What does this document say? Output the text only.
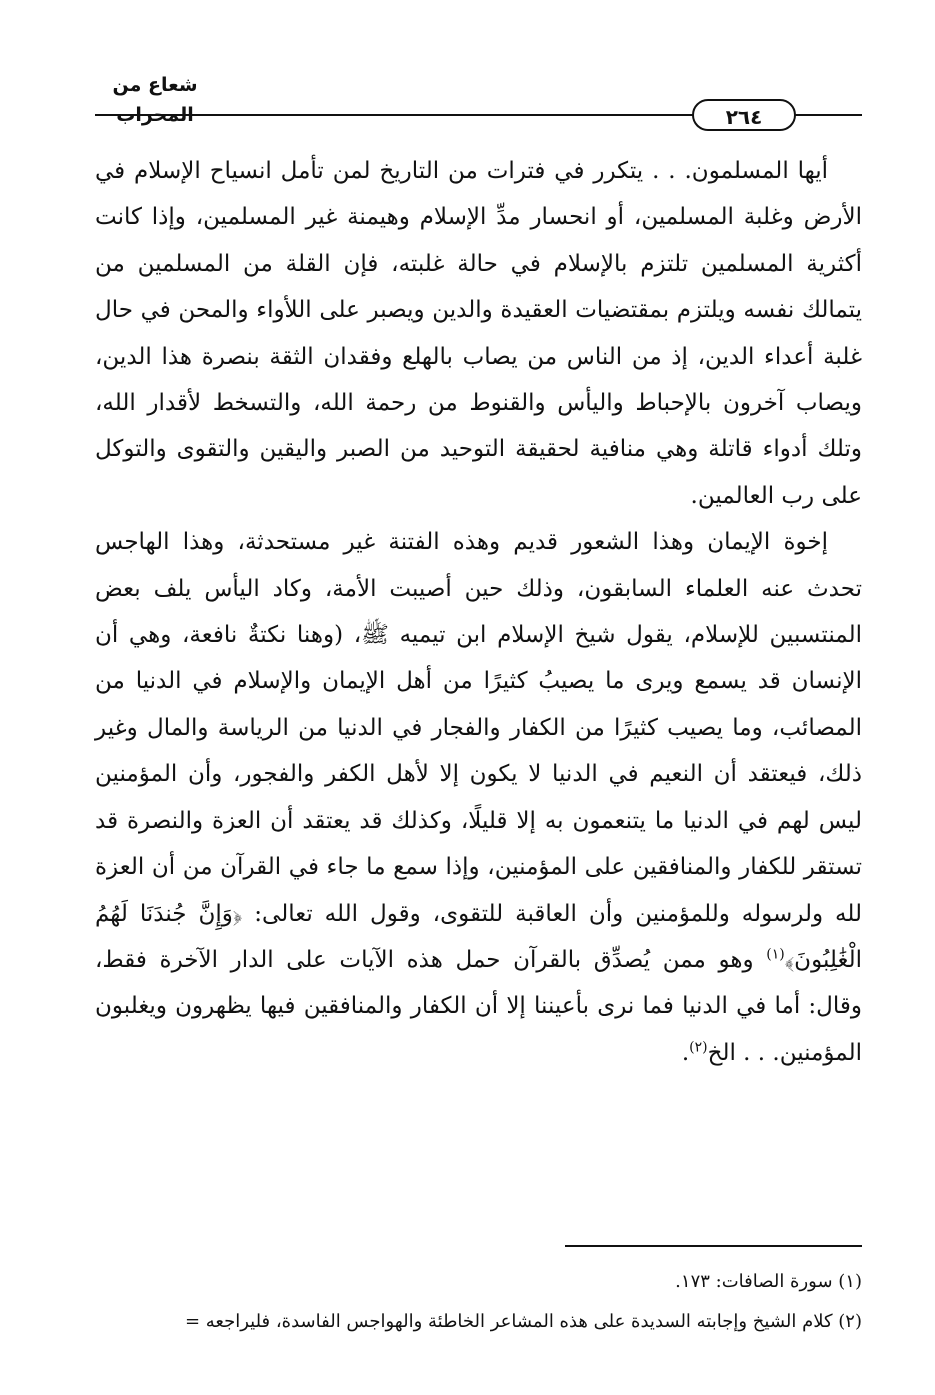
شعاع من المحراب	٢٦٤

أيها المسلمون. . . يتكرر في فترات من التاريخ لمن تأمل انسياح الإسلام في الأرض وغلبة المسلمين، أو انحسار مدِّ الإسلام وهيمنة غير المسلمين، وإذا كانت أكثرية المسلمين تلتزم بالإسلام في حالة غلبته، فإن القلة من المسلمين من يتمالك نفسه ويلتزم بمقتضيات العقيدة والدين ويصبر على اللأواء والمحن في حال غلبة أعداء الدين، إذ من الناس من يصاب بالهلع وفقدان الثقة بنصرة هذا الدين، ويصاب آخرون بالإحباط واليأس والقنوط من رحمة الله، والتسخط لأقدار الله، وتلك أدواء قاتلة وهي منافية لحقيقة التوحيد من الصبر واليقين والتقوى والتوكل على رب العالمين.

إخوة الإيمان وهذا الشعور قديم وهذه الفتنة غير مستحدثة، وهذا الهاجس تحدث عنه العلماء السابقون، وذلك حين أصيبت الأمة، وكاد اليأس يلف بعض المنتسبين للإسلام، يقول شيخ الإسلام ابن تيميه ﷺ، (وهنا نكتةٌ نافعة، وهي أن الإنسان قد يسمع ويرى ما يصيبُ كثيرًا من أهل الإيمان والإسلام في الدنيا من المصائب، وما يصيب كثيرًا من الكفار والفجار في الدنيا من الرياسة والمال وغير ذلك، فيعتقد أن النعيم في الدنيا لا يكون إلا لأهل الكفر والفجور، وأن المؤمنين ليس لهم في الدنيا ما يتنعمون به إلا قليلًا، وكذلك قد يعتقد أن العزة والنصرة قد تستقر للكفار والمنافقين على المؤمنين، وإذا سمع ما جاء في القرآن من أن العزة لله ولرسوله وللمؤمنين وأن العاقبة للتقوى، وقول الله تعالى: ﴿وَإِنَّ جُندَنَا لَهُمُ الْغَٰلِبُونَ﴾$^{(١)}$ وهو ممن يُصدِّق بالقرآن حمل هذه الآيات على الدار الآخرة فقط، وقال: أما في الدنيا فما نرى بأعيننا إلا أن الكفار والمنافقين فيها يظهرون ويغلبون المؤمنين. . . الخ$^{(٢)}$.

(١) سورة الصافات: ١٧٣.

(٢) كلام الشيخ وإجابته السديدة على هذه المشاعر الخاطئة والهواجس الفاسدة، فليراجعه =
